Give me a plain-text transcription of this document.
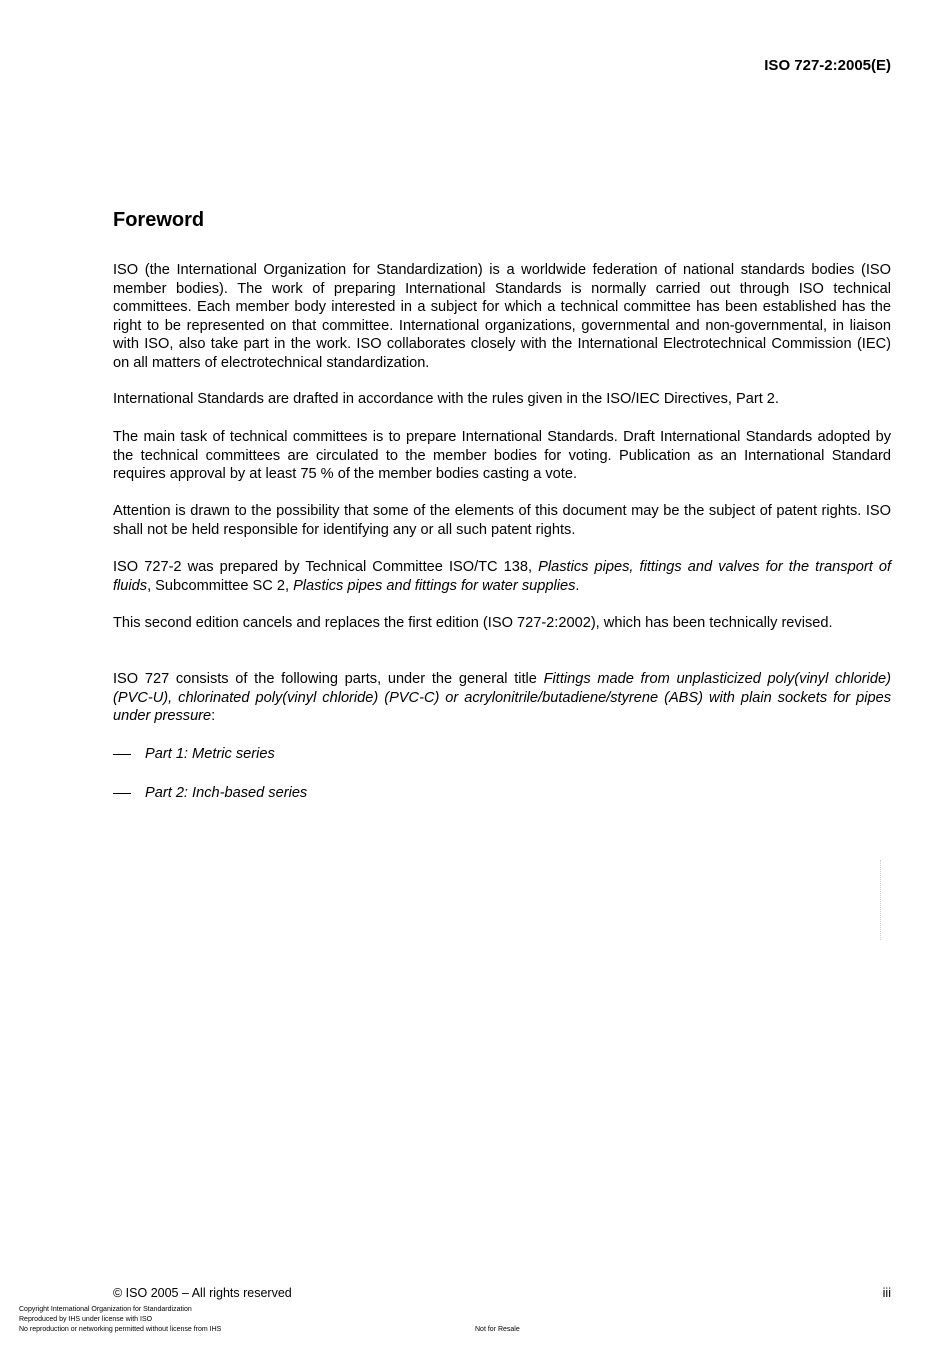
ISO 727-2:2005(E)
Foreword

ISO (the International Organization for Standardization) is a worldwide federation of national standards bodies (ISO member bodies). The work of preparing International Standards is normally carried out through ISO technical committees. Each member body interested in a subject for which a technical committee has been established has the right to be represented on that committee. International organizations, governmental and non-governmental, in liaison with ISO, also take part in the work. ISO collaborates closely with the International Electrotechnical Commission (IEC) on all matters of electrotechnical standardization.

International Standards are drafted in accordance with the rules given in the ISO/IEC Directives, Part 2.

The main task of technical committees is to prepare International Standards. Draft International Standards adopted by the technical committees are circulated to the member bodies for voting. Publication as an International Standard requires approval by at least 75 % of the member bodies casting a vote.

Attention is drawn to the possibility that some of the elements of this document may be the subject of patent rights. ISO shall not be held responsible for identifying any or all such patent rights.

ISO 727-2 was prepared by Technical Committee ISO/TC 138, Plastics pipes, fittings and valves for the transport of fluids, Subcommittee SC 2, Plastics pipes and fittings for water supplies.

This second edition cancels and replaces the first edition (ISO 727-2:2002), which has been technically revised.

ISO 727 consists of the following parts, under the general title Fittings made from unplasticized poly(vinyl chloride) (PVC-U), chlorinated poly(vinyl chloride) (PVC-C) or acrylonitrile/butadiene/styrene (ABS) with plain sockets for pipes under pressure:

Part 1: Metric series
Part 2: Inch-based series
© ISO 2005 – All rights reserved	iii
Copyright International Organization for Standardization
Reproduced by IHS under license with ISO
No reproduction or networking permitted without license from IHS	Not for Resale
